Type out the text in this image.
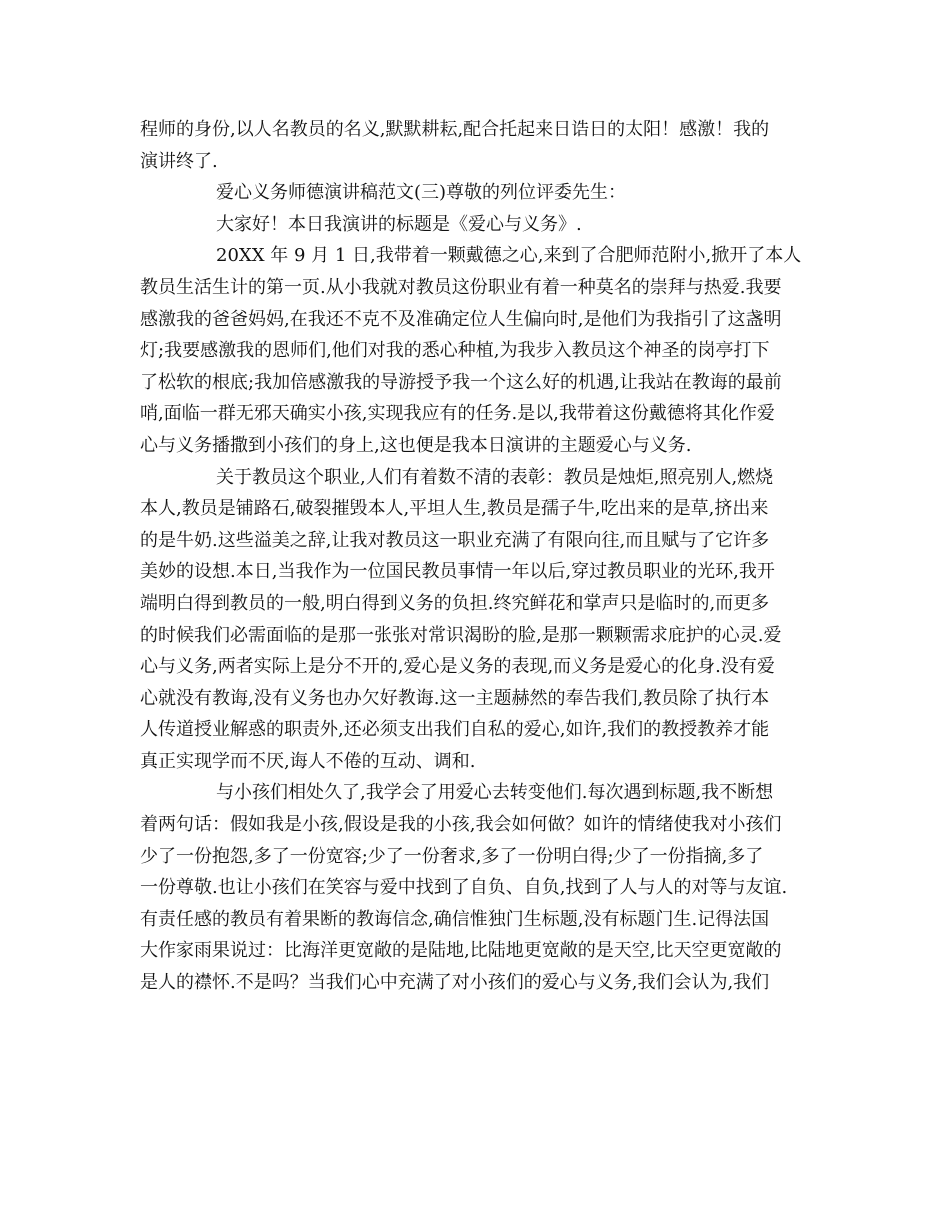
程师的身份,以人名教员的名义,默默耕耘,配合托起来日诰日的太阳！感激！我的

演讲终了.

爱心义务师德演讲稿范文(三)尊敬的列位评委先生：

大家好！本日我演讲的标题是《爱心与义务》.

20XX 年 9 月 1 日,我带着一颗戴德之心,来到了合肥师范附小,掀开了本人

教员生活生计的第一页.从小我就对教员这份职业有着一种莫名的崇拜与热爱.我要

感激我的爸爸妈妈,在我还不克不及准确定位人生偏向时,是他们为我指引了这盏明

灯;我要感激我的恩师们,他们对我的悉心种植,为我步入教员这个神圣的岗亭打下

了松软的根底;我加倍感激我的导游授予我一个这么好的机遇,让我站在教诲的最前

哨,面临一群无邪天确实小孩,实现我应有的任务.是以,我带着这份戴德将其化作爱

心与义务播撒到小孩们的身上,这也便是我本日演讲的主题爱心与义务.

关于教员这个职业,人们有着数不清的表彰：教员是烛炬,照亮别人,燃烧

本人,教员是铺路石,破裂摧毁本人,平坦人生,教员是孺子牛,吃出来的是草,挤出来

的是牛奶.这些溢美之辞,让我对教员这一职业充满了有限向往,而且赋与了它许多

美妙的设想.本日,当我作为一位国民教员事情一年以后,穿过教员职业的光环,我开

端明白得到教员的一般,明白得到义务的负担.终究鲜花和掌声只是临时的,而更多

的时候我们必需面临的是那一张张对常识渴盼的脸,是那一颗颗需求庇护的心灵.爱

心与义务,两者实际上是分不开的,爱心是义务的表现,而义务是爱心的化身.没有爱

心就没有教诲,没有义务也办欠好教诲.这一主题赫然的奉告我们,教员除了执行本

人传道授业解惑的职责外,还必须支出我们自私的爱心,如许,我们的教授教养才能

真正实现学而不厌,诲人不倦的互动、调和.

与小孩们相处久了,我学会了用爱心去转变他们.每次遇到标题,我不断想

着两句话：假如我是小孩,假设是我的小孩,我会如何做？如许的情绪使我对小孩们

少了一份抱怨,多了一份宽容;少了一份奢求,多了一份明白得;少了一份指摘,多了

一份尊敬.也让小孩们在笑容与爱中找到了自负、自负,找到了人与人的对等与友谊.

有责任感的教员有着果断的教诲信念,确信惟独门生标题,没有标题门生.记得法国

大作家雨果说过：比海洋更宽敞的是陆地,比陆地更宽敞的是天空,比天空更宽敞的

是人的襟怀.不是吗？当我们心中充满了对小孩们的爱心与义务,我们会认为,我们
